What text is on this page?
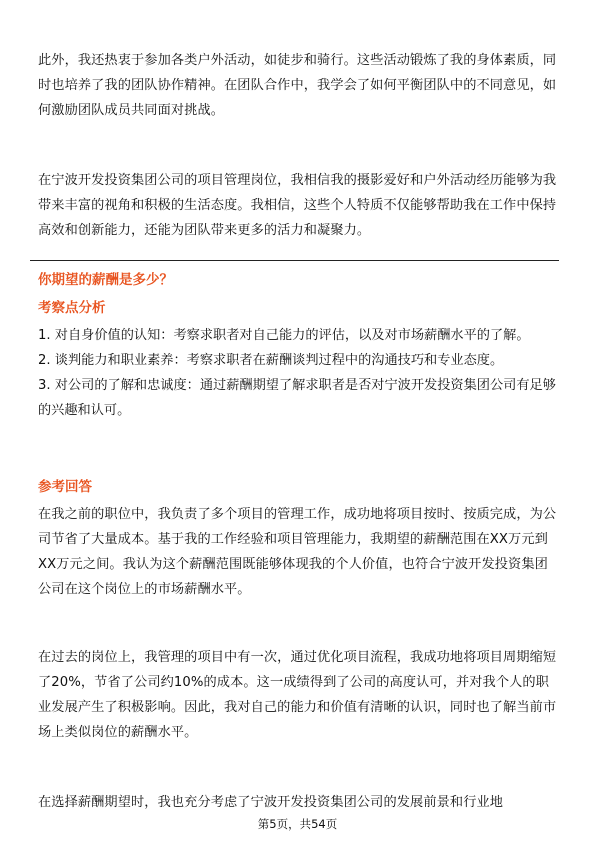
此外，我还热衷于参加各类户外活动，如徒步和骑行。这些活动锻炼了我的身体素质，同时也培养了我的团队协作精神。在团队合作中，我学会了如何平衡团队中的不同意见，如何激励团队成员共同面对挑战。

在宁波开发投资集团公司的项目管理岗位，我相信我的摄影爱好和户外活动经历能够为我带来丰富的视角和积极的生活态度。我相信，这些个人特质不仅能够帮助我在工作中保持高效和创新能力，还能为团队带来更多的活力和凝聚力。

你期望的薪酬是多少？
考察点分析
1. 对自身价值的认知：考察求职者对自己能力的评估，以及对市场薪酬水平的了解。
2. 谈判能力和职业素养：考察求职者在薪酬谈判过程中的沟通技巧和专业态度。
3. 对公司的了解和忠诚度：通过薪酬期望了解求职者是否对宁波开发投资集团公司有足够的兴趣和认可。
参考回答

在我之前的职位中，我负责了多个项目的管理工作，成功地将项目按时、按质完成，为公司节省了大量成本。基于我的工作经验和项目管理能力，我期望的薪酬范围在XX万元到XX万元之间。我认为这个薪酬范围既能够体现我的个人价值，也符合宁波开发投资集团公司在这个岗位上的市场薪酬水平。

在过去的岗位上，我管理的项目中有一次，通过优化项目流程，我成功地将项目周期缩短了20%，节省了公司约10%的成本。这一成绩得到了公司的高度认可，并对我个人的职业发展产生了积极影响。因此，我对自己的能力和价值有清晰的认识，同时也了解当前市场上类似岗位的薪酬水平。

在选择薪酬期望时，我也充分考虑了宁波开发投资集团公司的发展前景和行业地

第5页，共54页
